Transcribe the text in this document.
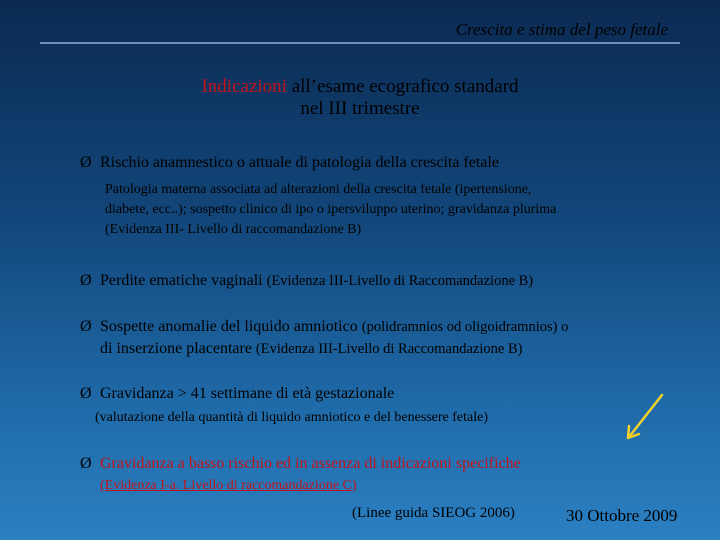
Crescita e stima del peso fetale
Indicazioni all’esame ecografico standard
nel III trimestre
Ø Rischio anamnestico o attuale di patologia della crescita fetale
Patologia materna associata ad alterazioni della crescita fetale (ipertensione,
diabete, ecc..); sospetto clinico di ipo o ipersviluppo uterino; gravidanza plurima
(Evidenza III- Livello di raccomandazione B)
Ø Perdite ematiche vaginali (Evidenza III-Livello di Raccomandazione B)
Ø Sospette anomalie del liquido amniotico (polidramnios od oligoidramnios) o
di inserzione placentare (Evidenza III-Livello di Raccomandazione B)
Ø Gravidanza > 41 settimane di età gestazionale
(valutazione della quantità di liquido amniotico e del benessere fetale)
Ø Gravidanza a basso rischio ed in assenza di indicazioni specifiche
(Evidenza I-a. Livello di raccomandazione C)
(Linee guida SIEOG 2006)	30 Ottobre 2009
